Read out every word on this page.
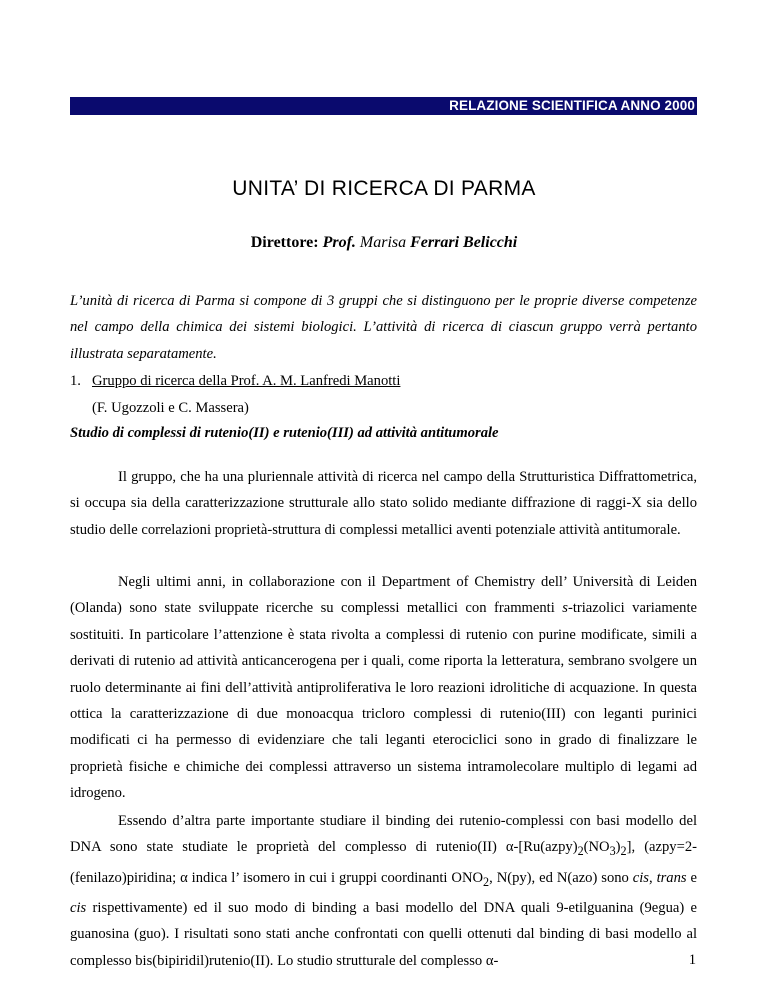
RELAZIONE SCIENTIFICA ANNO 2000
UNITA’ DI RICERCA DI PARMA
Direttore: Prof. Marisa Ferrari Belicchi
L’unità di ricerca di Parma si compone di 3 gruppi che si distinguono per le proprie diverse competenze nel campo della chimica dei sistemi biologici. L’attività di ricerca di ciascun gruppo verrà pertanto illustrata separatamente.
1. Gruppo di ricerca della Prof. A. M. Lanfredi Manotti
(F. Ugozzoli e C. Massera)
Studio di complessi di rutenio(II) e rutenio(III) ad attività antitumorale
Il gruppo, che ha una pluriennale attività di ricerca nel campo della Strutturistica Diffrattometrica, si occupa sia della caratterizzazione strutturale allo stato solido mediante diffrazione di raggi-X sia dello studio delle correlazioni proprietà-struttura di complessi metallici aventi potenziale attività antitumorale.
Negli ultimi anni, in collaborazione con il Department of Chemistry dell’ Università di Leiden (Olanda) sono state sviluppate ricerche su complessi metallici con frammenti s-triazolici variamente sostituiti. In particolare l’attenzione è stata rivolta a complessi di rutenio con purine modificate, simili a derivati di rutenio ad attività anticancerogena per i quali, come riporta la letteratura, sembrano svolgere un ruolo determinante ai fini dell’attività antiproliferativa le loro reazioni idrolitiche di acquazione. In questa ottica la caratterizzazione di due monoacqua tricloro complessi di rutenio(III) con leganti purinici modificati ci ha permesso di evidenziare che tali leganti eterociclici sono in grado di finalizzare le proprietà fisiche e chimiche dei complessi attraverso un sistema intramolecolare multiplo di legami ad idrogeno.
Essendo d’altra parte importante studiare il binding dei rutenio-complessi con basi modello del DNA sono state studiate le proprietà del complesso di rutenio(II) $\alpha-[Ru(azpy)_2(NO_3)_2]$, (azpy=2-(fenilazo)piridina; α indica l’ isomero in cui i gruppi coordinanti $ONO_2$, N(py), ed N(azo) sono cis, trans e cis rispettivamente) ed il suo modo di binding a basi modello del DNA quali 9-etilguanina (9egua) e guanosina (guo). I risultati sono stati anche confrontati con quelli ottenuti dal binding di basi modello al complesso bis(bipiridil)rutenio(II). Lo studio strutturale del complesso α-	1
